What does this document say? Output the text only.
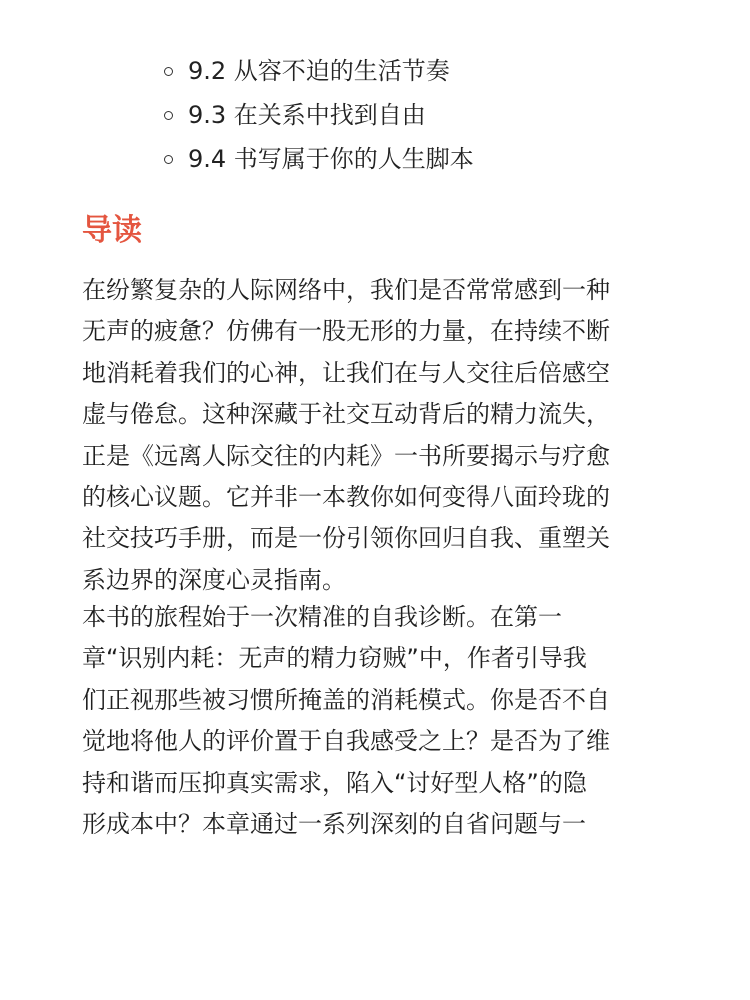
9.2 从容不迫的生活节奏
9.3 在关系中找到自由
9.4 书写属于你的人生脚本
导读

在纷繁复杂的人际网络中，我们是否常常感到一种
无声的疲惫？仿佛有一股无形的力量，在持续不断
地消耗着我们的心神，让我们在与人交往后倍感空
虚与倦怠。这种深藏于社交互动背后的精力流失，
正是《远离人际交往的内耗》一书所要揭示与疗愈
的核心议题。它并非一本教你如何变得八面玲珑的
社交技巧手册，而是一份引领你回归自我、重塑关
系边界的深度心灵指南。

本书的旅程始于一次精准的自我诊断。在第一
章“识别内耗：无声的精力窃贼”中，作者引导我
们正视那些被习惯所掩盖的消耗模式。你是否不自
觉地将他人的评价置于自我感受之上？是否为了维
持和谐而压抑真实需求，陷入“讨好型人格”的隐
形成本中？本章通过一系列深刻的自省问题与一
